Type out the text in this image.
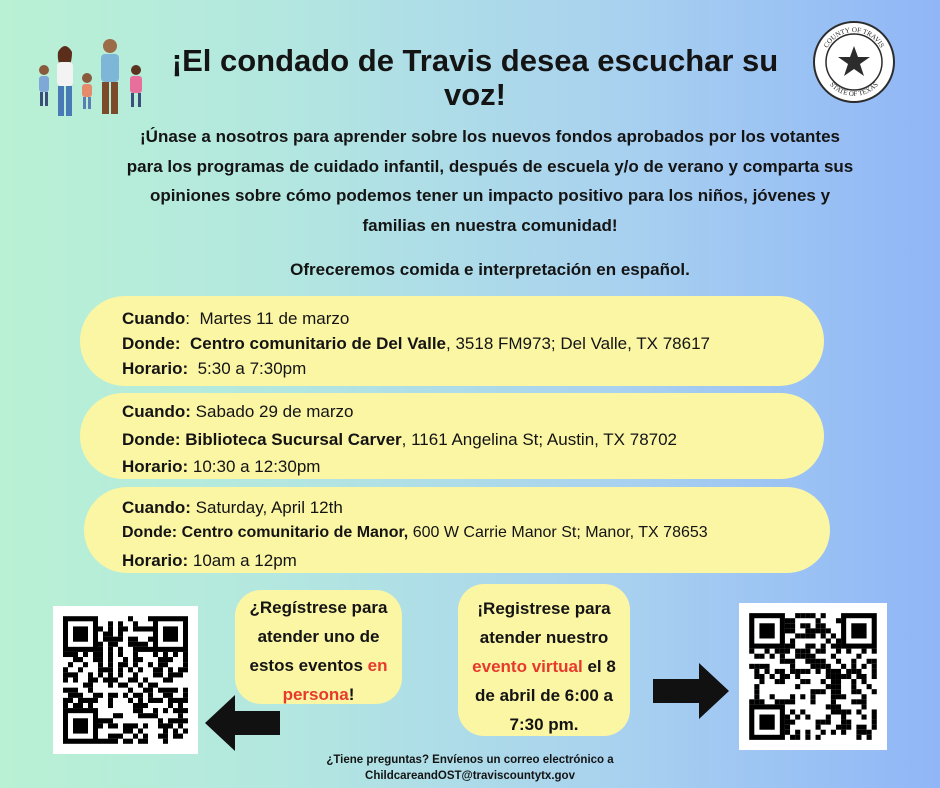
COUNTY OF TRAVIS
STATE OF TEXAS
¡El condado de Travis desea escuchar su voz!
¡Únase a nosotros para aprender sobre los nuevos fondos aprobados por los votantes para los programas de cuidado infantil, después de escuela y/o de verano y comparta sus opiniones sobre cómo podemos tener un impacto positivo para los niños, jóvenes y familias en nuestra comunidad!
Ofreceremos comida e interpretación en español.
Cuando:  Martes 11 de marzo
Donde: Centro comunitario de Del Valle, 3518 FM973; Del Valle, TX 78617
Horario: 5:30 a 7:30pm
Cuando: Sabado 29 de marzo
Donde: Biblioteca Sucursal Carver, 1161 Angelina St; Austin, TX 78702
Horario: 10:30 a 12:30pm
Cuando: Saturday, April 12th
Donde: Centro comunitario de Manor, 600 W Carrie Manor St; Manor, TX 78653
Horario: 10am a 12pm
¿Regístrese para atender uno de estos eventos en persona!
¡Registrese para atender nuestro evento virtual el 8 de abril de 6:00 a 7:30 pm.
¿Tiene preguntas? Envíenos un correo electrónico a
ChildcareandOST@traviscountytx.gov
